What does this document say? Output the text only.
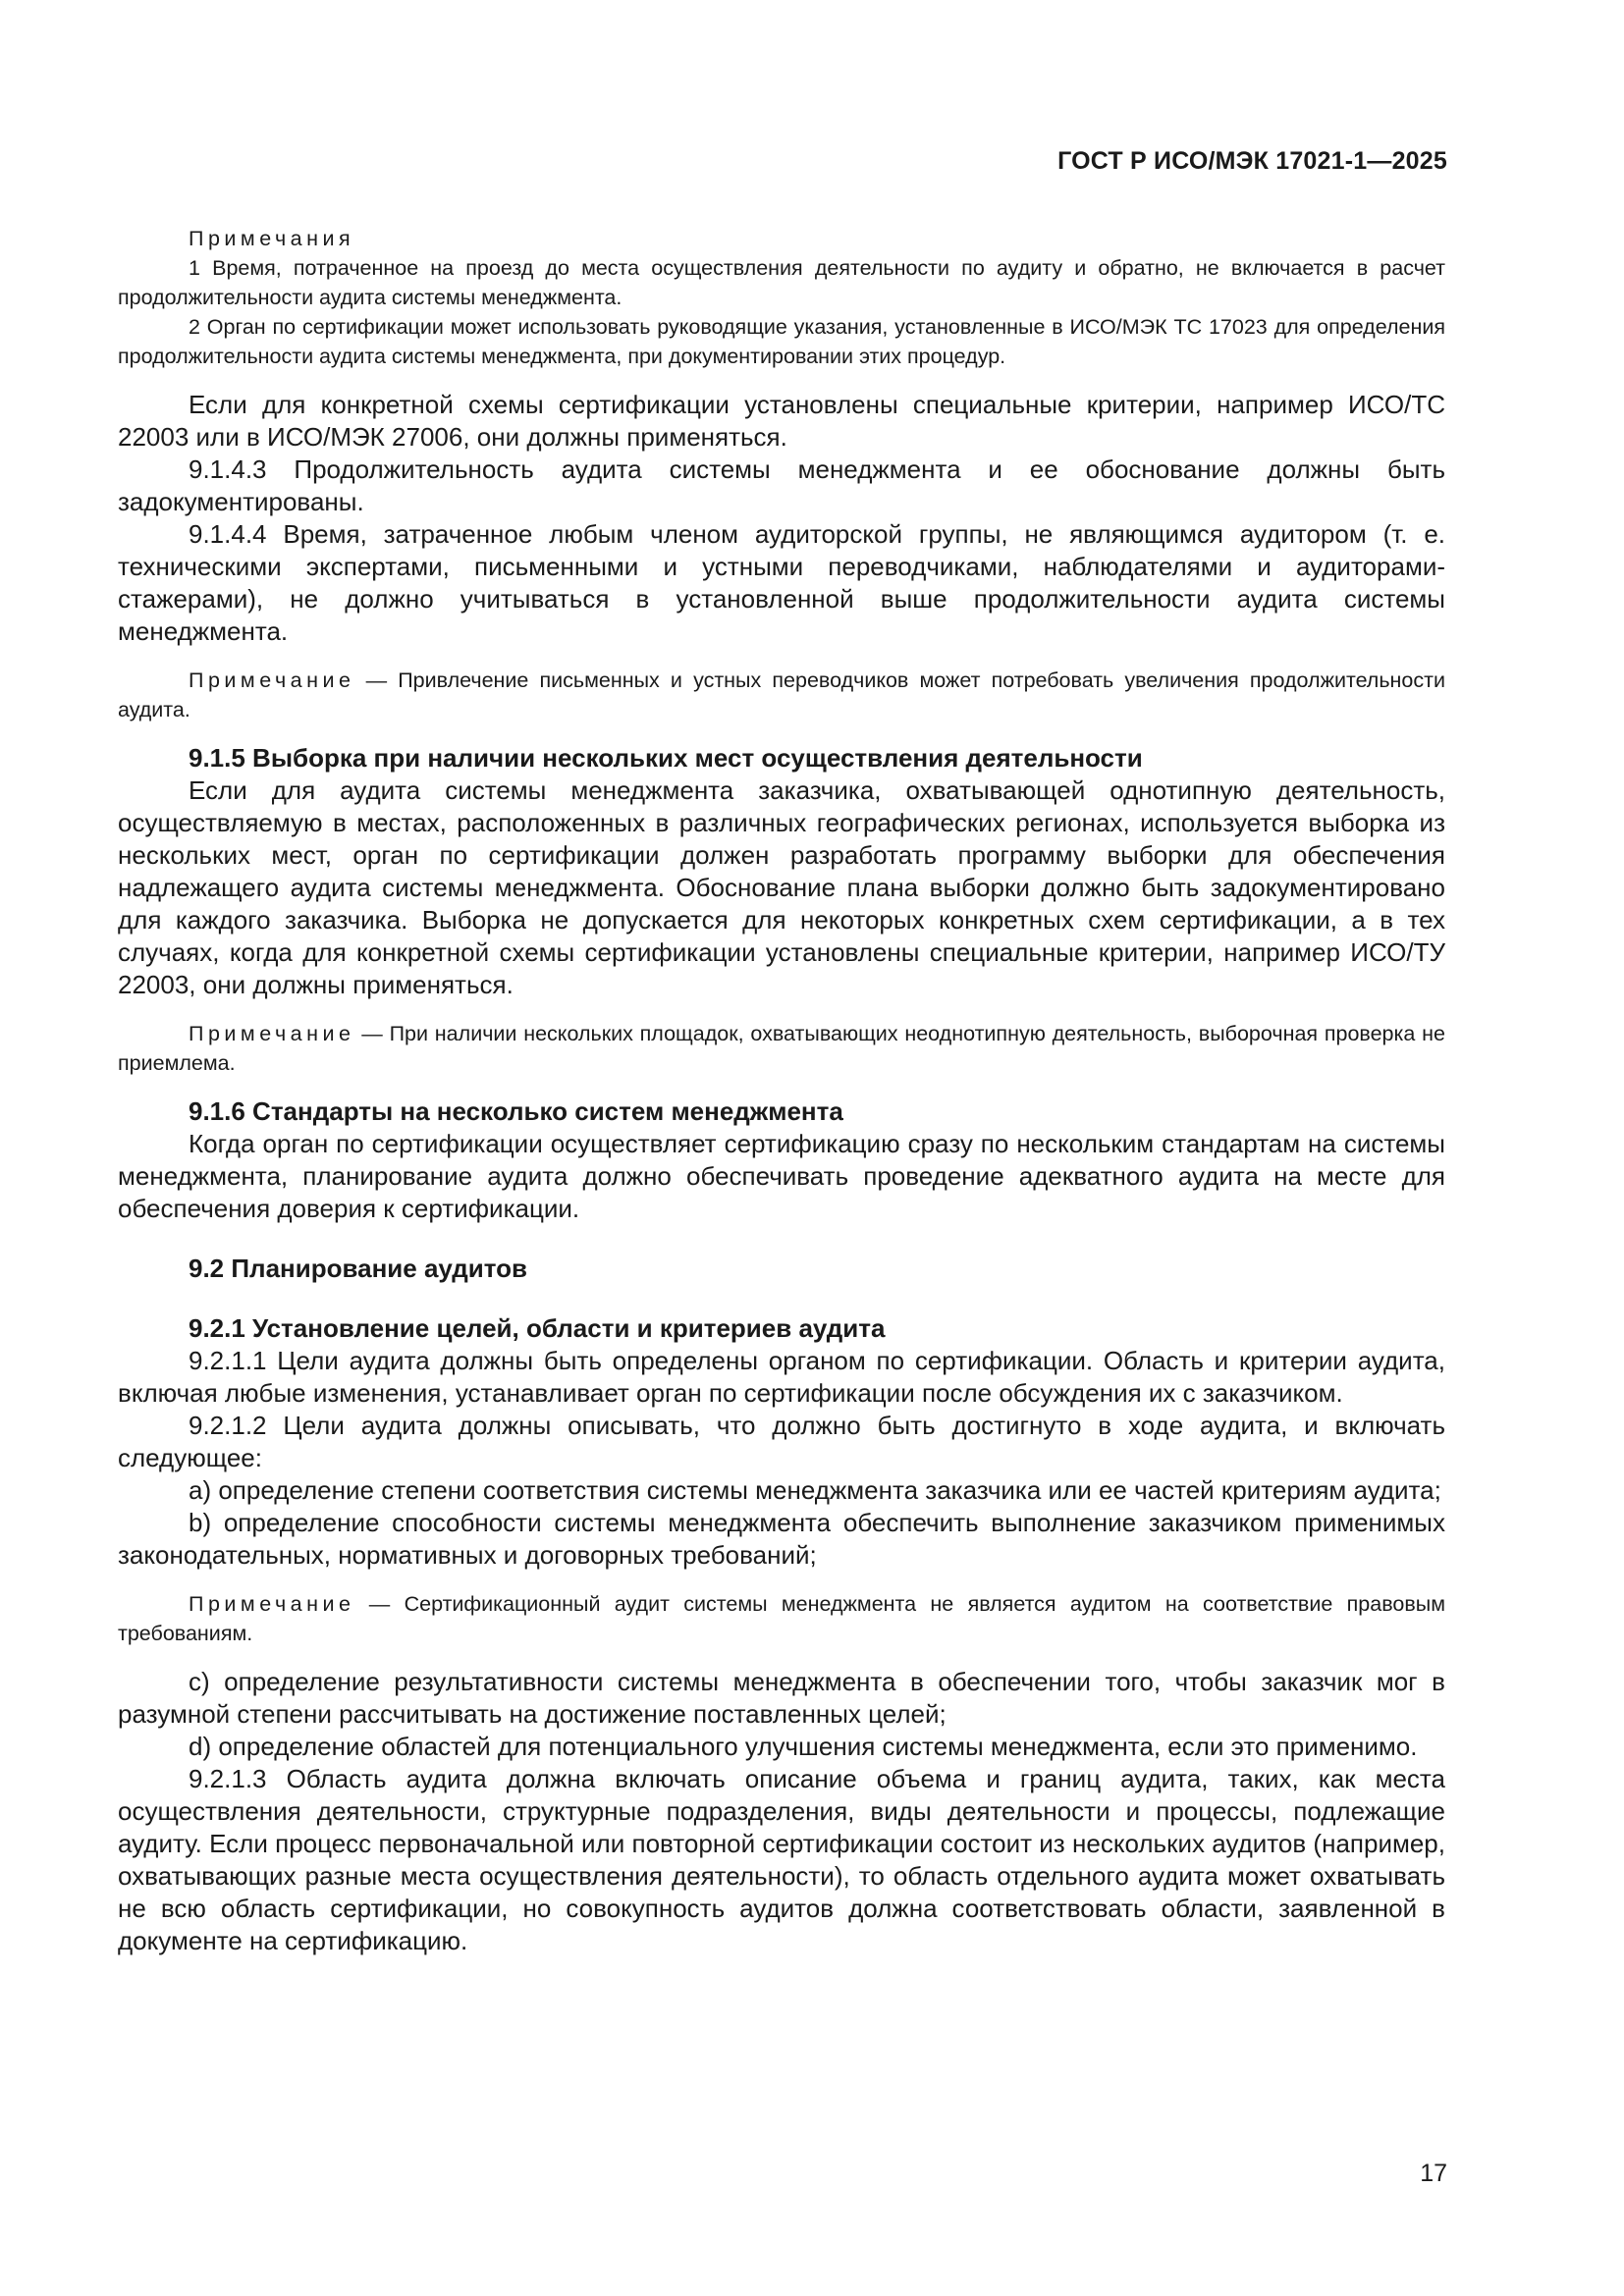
ГОСТ Р ИСО/МЭК 17021-1—2025

Примечания

1 Время, потраченное на проезд до места осуществления деятельности по аудиту и обратно, не включается в расчет продолжительности аудита системы менеджмента.

2 Орган по сертификации может использовать руководящие указания, установленные в ИСО/МЭК ТС 17023 для определения продолжительности аудита системы менеджмента, при документировании этих процедур.

Если для конкретной схемы сертификации установлены специальные критерии, например ИСО/ТС 22003 или в ИСО/МЭК 27006, они должны применяться.

9.1.4.3 Продолжительность аудита системы менеджмента и ее обоснование должны быть задокументированы.

9.1.4.4 Время, затраченное любым членом аудиторской группы, не являющимся аудитором (т. е. техническими экспертами, письменными и устными переводчиками, наблюдателями и аудиторами-стажерами), не должно учитываться в установленной выше продолжительности аудита системы менеджмента.

Примечание — Привлечение письменных и устных переводчиков может потребовать увеличения продолжительности аудита.

9.1.5 Выборка при наличии нескольких мест осуществления деятельности

Если для аудита системы менеджмента заказчика, охватывающей однотипную деятельность, осуществляемую в местах, расположенных в различных географических регионах, используется выборка из нескольких мест, орган по сертификации должен разработать программу выборки для обеспечения надлежащего аудита системы менеджмента. Обоснование плана выборки должно быть задокументировано для каждого заказчика. Выборка не допускается для некоторых конкретных схем сертификации, а в тех случаях, когда для конкретной схемы сертификации установлены специальные критерии, например ИСО/ТУ 22003, они должны применяться.

Примечание — При наличии нескольких площадок, охватывающих неоднотипную деятельность, выборочная проверка не приемлема.

9.1.6 Стандарты на несколько систем менеджмента

Когда орган по сертификации осуществляет сертификацию сразу по нескольким стандартам на системы менеджмента, планирование аудита должно обеспечивать проведение адекватного аудита на месте для обеспечения доверия к сертификации.

9.2 Планирование аудитов

9.2.1 Установление целей, области и критериев аудита

9.2.1.1 Цели аудита должны быть определены органом по сертификации. Область и критерии аудита, включая любые изменения, устанавливает орган по сертификации после обсуждения их с заказчиком.

9.2.1.2 Цели аудита должны описывать, что должно быть достигнуто в ходе аудита, и включать следующее:

a) определение степени соответствия системы менеджмента заказчика или ее частей критериям аудита;

b) определение способности системы менеджмента обеспечить выполнение заказчиком применимых законодательных, нормативных и договорных требований;

Примечание — Сертификационный аудит системы менеджмента не является аудитом на соответствие правовым требованиям.

c) определение результативности системы менеджмента в обеспечении того, чтобы заказчик мог в разумной степени рассчитывать на достижение поставленных целей;

d) определение областей для потенциального улучшения системы менеджмента, если это применимо.

9.2.1.3 Область аудита должна включать описание объема и границ аудита, таких, как места осуществления деятельности, структурные подразделения, виды деятельности и процессы, подлежащие аудиту. Если процесс первоначальной или повторной сертификации состоит из нескольких аудитов (например, охватывающих разные места осуществления деятельности), то область отдельного аудита может охватывать не всю область сертификации, но совокупность аудитов должна соответствовать области, заявленной в документе на сертификацию.

17
